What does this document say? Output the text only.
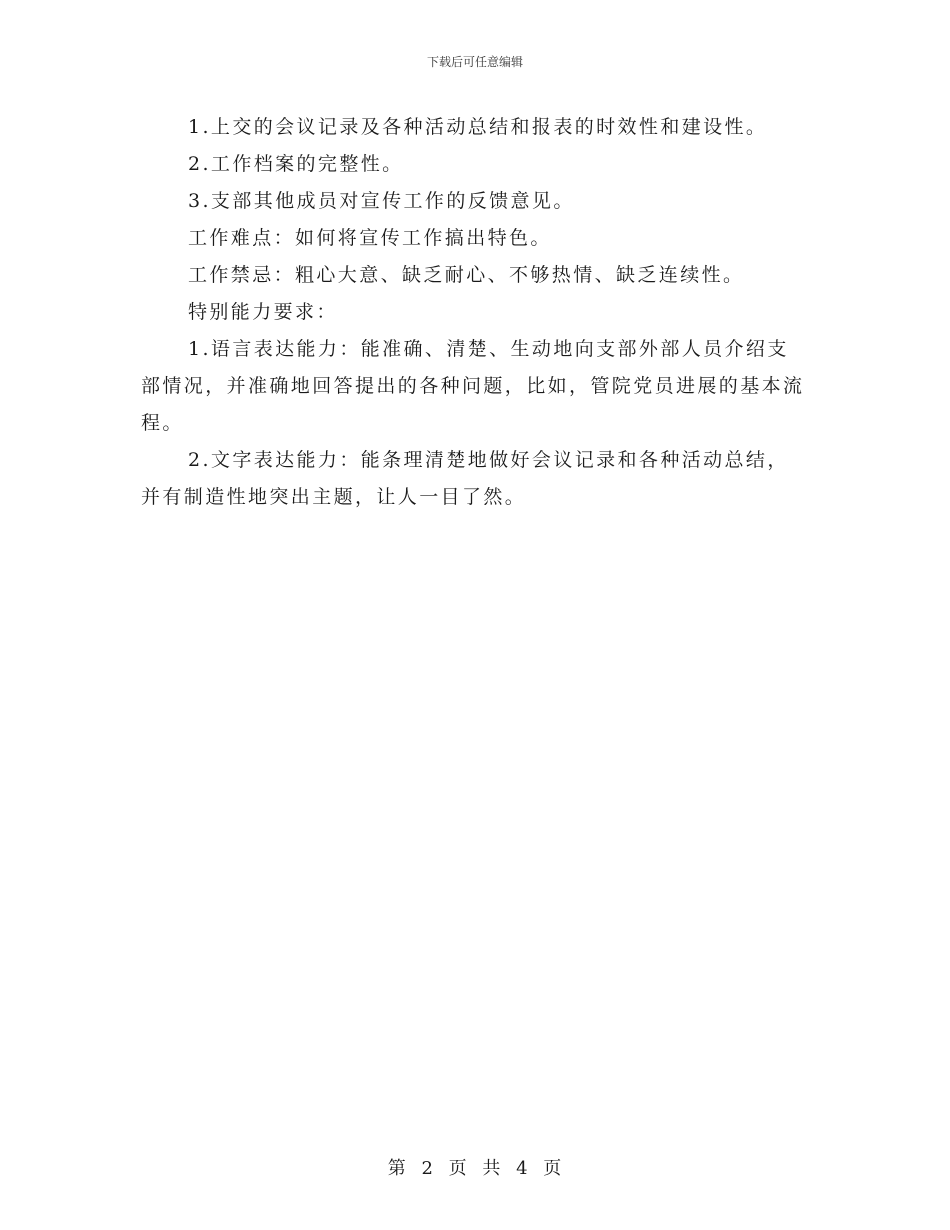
下载后可任意编辑

1.上交的会议记录及各种活动总结和报表的时效性和建设性。

2.工作档案的完整性。

3.支部其他成员对宣传工作的反馈意见。

工作难点：如何将宣传工作搞出特色。

工作禁忌：粗心大意、缺乏耐心、不够热情、缺乏连续性。

特别能力要求：

1.语言表达能力：能准确、清楚、生动地向支部外部人员介绍支部情况，并准确地回答提出的各种问题，比如，管院党员进展的基本流程。

2.文字表达能力：能条理清楚地做好会议记录和各种活动总结，并有制造性地突出主题，让人一目了然。

第 2 页 共 4 页
